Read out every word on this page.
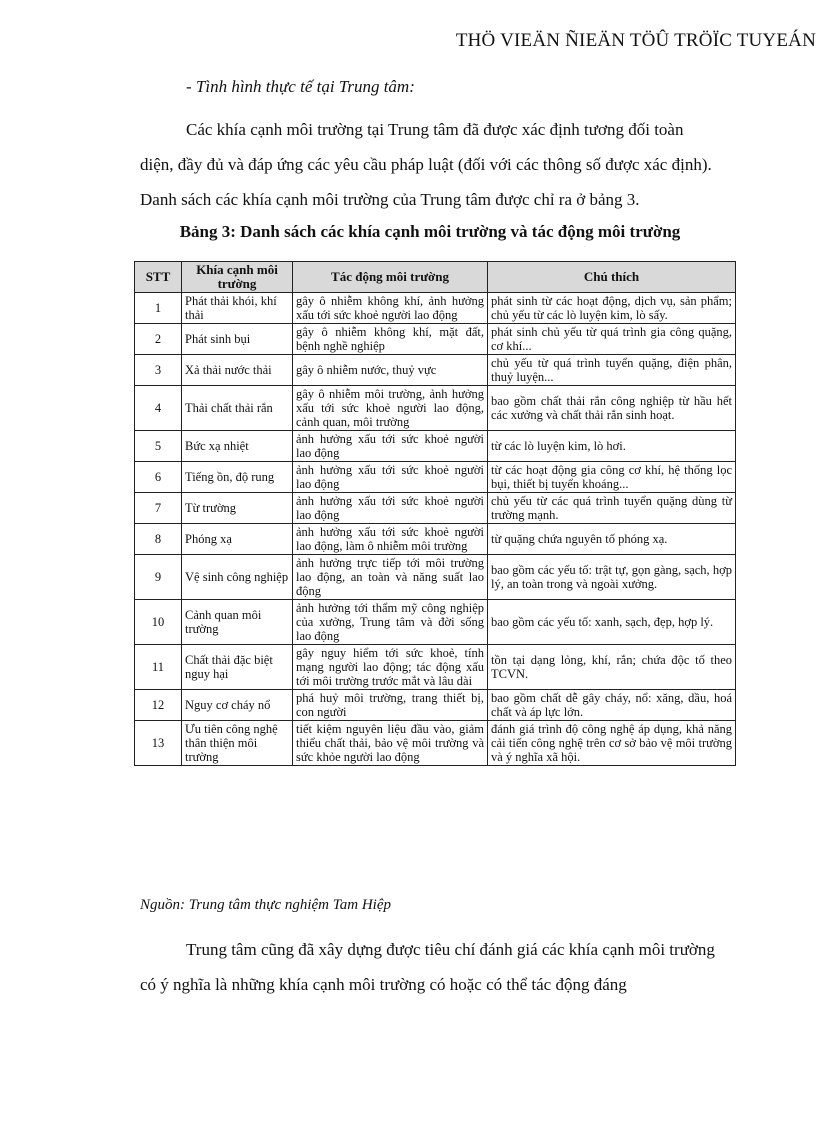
THÖ VIEÄN ÑIEÄN TÖÛ TRÖÏC TUYEÁN
- Tình hình thực tế tại Trung tâm:

Các khía cạnh môi trường tại Trung tâm đã được xác định tương đối toàn diện, đầy đủ và đáp ứng các yêu cầu pháp luật (đối với các thông số được xác định). Danh sách các khía cạnh môi trường của Trung tâm được chỉ ra ở bảng 3.

Bảng 3: Danh sách các khía cạnh môi trường và tác động môi trường
STT	Khía cạnh môi trường	Tác động môi trường	Chú thích
1	Phát thải khói, khí thải	gây ô nhiễm không khí, ảnh hưởng xấu tới sức khoẻ người lao động	phát sinh từ các hoạt động, dịch vụ, sản phẩm; chủ yếu từ các lò luyện kim, lò sấy.
2	Phát sinh bụi	gây ô nhiễm không khí, mặt đất, bệnh nghề nghiệp	phát sinh chủ yếu từ quá trình gia công quặng, cơ khí...
3	Xả thải nước thải	gây ô nhiễm nước, thuỷ vực	chủ yếu từ quá trình tuyển quặng, điện phân, thuỷ luyện...
4	Thải chất thải rắn	gây ô nhiễm môi trường, ảnh hưởng xấu tới sức khoẻ người lao động, cảnh quan, môi trường	bao gồm chất thải rắn công nghiệp từ hầu hết các xưởng và chất thải rắn sinh hoạt.
5	Bức xạ nhiệt	ảnh hưởng xấu tới sức khoẻ người lao động	từ các lò luyện kim, lò hơi.
6	Tiếng ồn, độ rung	ảnh hưởng xấu tới sức khoẻ người lao động	từ các hoạt động gia công cơ khí, hệ thống lọc bụi, thiết bị tuyển khoáng...
7	Từ trường	ảnh hưởng xấu tới sức khoẻ người lao động	chủ yếu từ các quá trình tuyển quặng dùng từ trường mạnh.
8	Phóng xạ	ảnh hưởng xấu tới sức khoẻ người lao động, làm ô nhiễm môi trường	từ quặng chứa nguyên tố phóng xạ.
9	Vệ sinh công nghiệp	ảnh hưởng trực tiếp tới môi trường lao động, an toàn và năng suất lao động	bao gồm các yếu tố: trật tự, gọn gàng, sạch, hợp lý, an toàn trong và ngoài xưởng.
10	Cảnh quan môi trường	ảnh hưởng tới thẩm mỹ công nghiệp của xưởng, Trung tâm và đời sống lao động	bao gồm các yếu tố: xanh, sạch, đẹp, hợp lý.
11	Chất thải đặc biệt nguy hại	gây nguy hiểm tới sức khoẻ, tính mạng người lao động; tác động xấu tới môi trường trước mắt và lâu dài	tồn tại dạng lỏng, khí, rắn; chứa độc tố theo TCVN.
12	Nguy cơ cháy nổ	phá huỷ môi trường, trang thiết bị, con người	bao gồm chất dễ gây cháy, nổ: xăng, dầu, hoá chất và áp lực lớn.
13	Ưu tiên công nghệ thân thiện môi trường	tiết kiệm nguyên liệu đầu vào, giảm thiểu chất thải, bảo vệ môi trường và sức khỏe người lao động	đánh giá trình độ công nghệ áp dụng, khả năng cải tiến công nghệ trên cơ sở bảo vệ môi trường và ý nghĩa xã hội.
Nguồn: Trung tâm thực nghiệm Tam Hiệp

Trung tâm cũng đã xây dựng được tiêu chí đánh giá các khía cạnh môi trường có ý nghĩa là những khía cạnh môi trường có hoặc có thể tác động đáng
